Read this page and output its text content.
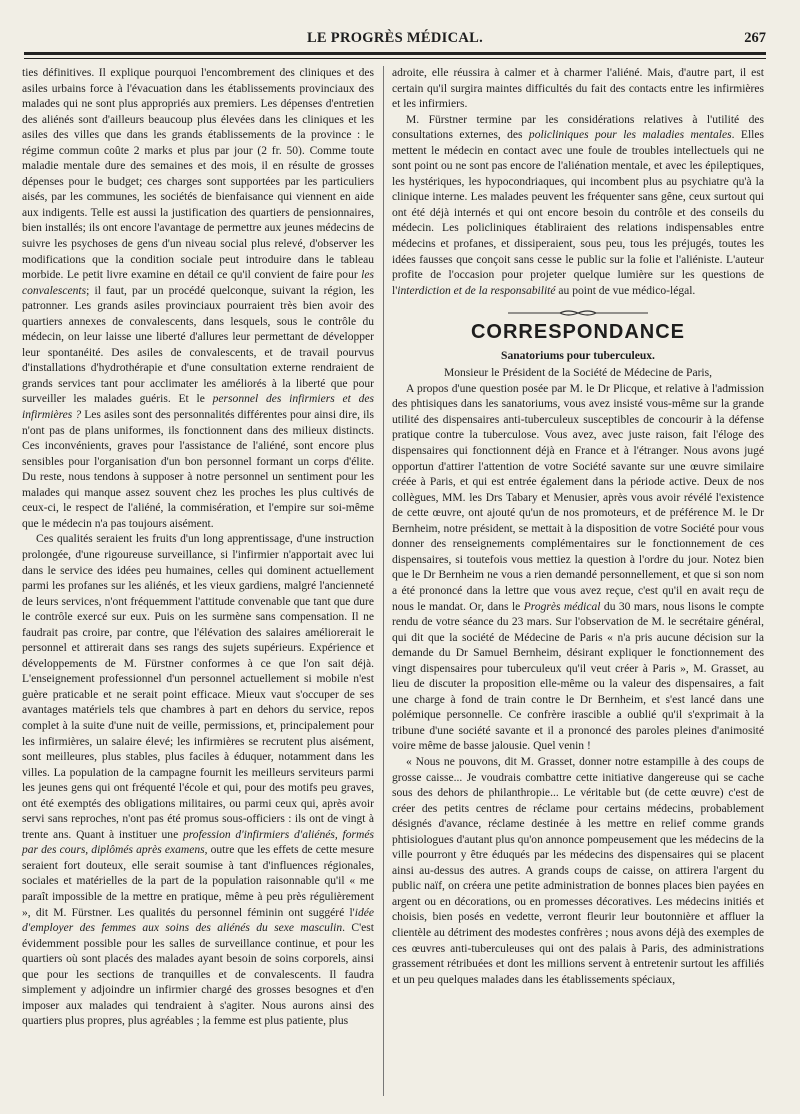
LE PROGRÈS MÉDICAL.	267

ties définitives. Il explique pourquoi l'encombrement des cliniques et des asiles urbains force à l'évacuation dans les établissements provinciaux des malades qui ne sont plus appropriés aux premiers. Les dépenses d'entretien des aliénés sont d'ailleurs beaucoup plus élevées dans les cliniques et les asiles des villes que dans les grands établissements de la province : le régime commun coûte 2 marks et plus par jour (2 fr. 50). Comme toute maladie mentale dure des semaines et des mois, il en résulte de grosses dépenses pour le budget; ces charges sont supportées par les particuliers aisés, par les communes, les sociétés de bienfaisance qui viennent en aide aux indigents. Telle est aussi la justification des quartiers de pensionnaires, bien installés; ils ont encore l'avantage de permettre aux jeunes médecins de suivre les psychoses de gens d'un niveau social plus relevé, d'observer les modifications que la condition sociale peut introduire dans le tableau morbide. Le petit livre examine en détail ce qu'il convient de faire pour les convalescents; il faut, par un procédé quelconque, suivant la région, les patronner. Les grands asiles provinciaux pourraient très bien avoir des quartiers annexes de convalescents, dans lesquels, sous le contrôle du médecin, on leur laisse une liberté d'allures leur permettant de développer leur spontanéité. Des asiles de convalescents, et de travail pourvus d'installations d'hydrothérapie et d'une consultation externe rendraient de grands services tant pour acclimater les améliorés à la liberté que pour surveiller les malades guéris. Et le personnel des infirmiers et des infirmières ? Les asiles sont des personnalités différentes pour ainsi dire, ils n'ont pas de plans uniformes, ils fonctionnent dans des milieux distincts. Ces inconvénients, graves pour l'assistance de l'aliéné, sont encore plus sensibles pour l'organisation d'un bon personnel formant un corps d'élite. Du reste, nous tendons à supposer à notre personnel un sentiment pour les malades qui manque assez souvent chez les proches les plus cultivés de ceux-ci, le respect de l'aliéné, la commisération, et l'empire sur soi-même que le médecin n'a pas toujours aisément.

Ces qualités seraient les fruits d'un long apprentissage, d'une instruction prolongée, d'une rigoureuse surveillance, si l'infirmier n'apportait avec lui dans le service des idées peu humaines, celles qui dominent actuellement parmi les profanes sur les aliénés, et les vieux gardiens, malgré l'ancienneté de leurs services, n'ont fréquemment l'attitude convenable que tant que dure le contrôle exercé sur eux. Puis on les surmène sans compensation. Il ne faudrait pas croire, par contre, que l'élévation des salaires améliorerait le personnel et attirerait dans ses rangs des sujets supérieurs. Expérience et développements de M. Fürstner conformes à ce que l'on sait déjà. L'enseignement professionnel d'un personnel actuellement si mobile n'est guère praticable et ne serait point efficace. Mieux vaut s'occuper de ses avantages matériels tels que chambres à part en dehors du service, repos complet à la suite d'une nuit de veille, permissions, et, principalement pour les infirmières, un salaire élevé; les infirmières se recrutent plus aisément, sont meilleures, plus stables, plus faciles à éduquer, notamment dans les villes. La population de la campagne fournit les meilleurs serviteurs parmi les jeunes gens qui ont fréquenté l'école et qui, pour des motifs peu graves, ont été exemptés des obligations militaires, ou parmi ceux qui, après avoir servi sans reproches, n'ont pas été promus sous-officiers : ils ont de vingt à trente ans. Quant à instituer une profession d'infirmiers d'aliénés, formés par des cours, diplômés après examens, outre que les effets de cette mesure seraient fort douteux, elle serait soumise à tant d'influences régionales, sociales et matérielles de la part de la population raisonnable qu'il « me paraît impossible de la mettre en pratique, même à peu près régulièrement », dit M. Fürstner. Les qualités du personnel féminin ont suggéré l'idée d'employer des femmes aux soins des aliénés du sexe masculin. C'est évidemment possible pour les salles de surveillance continue, et pour les quartiers où sont placés des malades ayant besoin de soins corporels, ainsi que pour les sections de tranquilles et de convalescents. Il faudra simplement y adjoindre un infirmier chargé des grosses besognes et d'en imposer aux malades qui tendraient à s'agiter. Nous aurons ainsi des quartiers plus propres, plus agréables ; la femme est plus patiente, plus

adroite, elle réussira à calmer et à charmer l'aliéné. Mais, d'autre part, il est certain qu'il surgira maintes difficultés du fait des contacts entre les infirmières et les infirmiers.

M. Fürstner termine par les considérations relatives à l'utilité des consultations externes, des policliniques pour les maladies mentales. Elles mettent le médecin en contact avec une foule de troubles intellectuels qui ne sont point ou ne sont pas encore de l'aliénation mentale, et avec les épileptiques, les hystériques, les hypocondriaques, qui incombent plus au psychiatre qu'à la clinique interne. Les malades peuvent les fréquenter sans gêne, ceux surtout qui ont été déjà internés et qui ont encore besoin du contrôle et des conseils du médecin. Les policliniques établiraient des relations indispensables entre médecins et profanes, et dissiperaient, sous peu, tous les préjugés, toutes les idées fausses que conçoit sans cesse le public sur la folie et l'aliéniste. L'auteur profite de l'occasion pour projeter quelque lumière sur les questions de l'interdiction et de la responsabilité au point de vue médico-légal.

CORRESPONDANCE
Sanatoriums pour tuberculeux.
Monsieur le Président de la Société de Médecine de Paris,

A propos d'une question posée par M. le Dr Plicque, et relative à l'admission des phtisiques dans les sanatoriums, vous avez insisté vous-même sur la grande utilité des dispensaires anti-tuberculeux susceptibles de concourir à la défense pratique contre la tuberculose. Vous avez, avec juste raison, fait l'éloge des dispensaires qui fonctionnent déjà en France et à l'étranger. Nous avons jugé opportun d'attirer l'attention de votre Société savante sur une œuvre similaire créée à Paris, et qui est entrée également dans la période active. Deux de nos collègues, MM. les Drs Tabary et Menusier, après vous avoir révélé l'existence de cette œuvre, ont ajouté qu'un de nos promoteurs, et de préférence M. le Dr Bernheim, notre président, se mettait à la disposition de votre Société pour vous donner des renseignements complémentaires sur le fonctionnement de ces dispensaires, si toutefois vous mettiez la question à l'ordre du jour. Notez bien que le Dr Bernheim ne vous a rien demandé personnellement, et que si son nom a été prononcé dans la lettre que vous avez reçue, c'est qu'il en avait reçu de nous le mandat. Or, dans le Progrès médical du 30 mars, nous lisons le compte rendu de votre séance du 23 mars. Sur l'observation de M. le secrétaire général, qui dit que la société de Médecine de Paris « n'a pris aucune décision sur la demande du Dr Samuel Bernheim, désirant expliquer le fonctionnement des vingt dispensaires pour tuberculeux qu'il veut créer à Paris », M. Grasset, au lieu de discuter la proposition elle-même ou la valeur des dispensaires, a fait une charge à fond de train contre le Dr Bernheim, et s'est lancé dans une polémique personnelle. Ce confrère irascible a oublié qu'il s'exprimait à la tribune d'une société savante et il a prononcé des paroles pleines d'animosité voire même de basse jalousie. Quel venin !

« Nous ne pouvons, dit M. Grasset, donner notre estampille à des coups de grosse caisse... Je voudrais combattre cette initiative dangereuse qui se cache sous des dehors de philanthropie... Le véritable but (de cette œuvre) c'est de créer des petits centres de réclame pour certains médecins, probablement désignés d'avance, réclame destinée à les mettre en relief comme grands phtisiologues d'autant plus qu'on annonce pompeusement que les médecins de la ville pourront y être éduqués par les médecins des dispensaires qui se placent ainsi au-dessus des autres. A grands coups de caisse, on attirera l'argent du public naïf, on créera une petite administration de bonnes places bien payées en argent ou en décorations, ou en promesses décoratives. Les médecins initiés et choisis, bien posés en vedette, verront fleurir leur boutonnière et affluer la clientèle au détriment des modestes confrères ; nous avons déjà des exemples de ces œuvres anti-tuberculeuses qui ont des palais à Paris, des administrations grassement rétribuées et dont les millions servent à entretenir surtout les affiliés et un peu quelques malades dans les établissements spéciaux,
